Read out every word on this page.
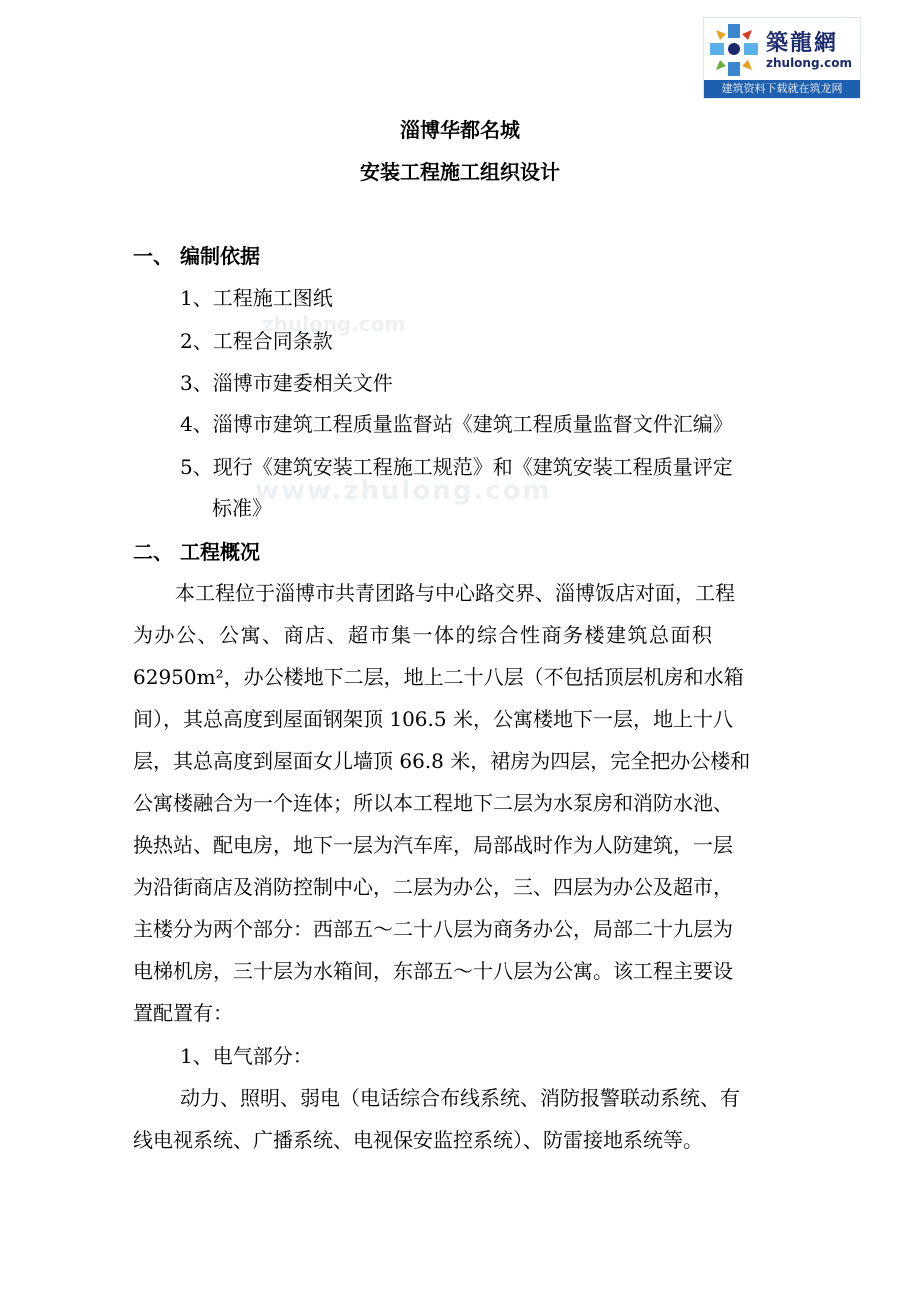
築龍網
zhulong.com
建筑资料下载就在筑龙网
zhulong.com
www.zhulong.com
淄博华都名城
安装工程施工组织设计
一、 编制依据
1、工程施工图纸
2、工程合同条款
3、淄博市建委相关文件
4、淄博市建筑工程质量监督站《建筑工程质量监督文件汇编》
5、现行《建筑安装工程施工规范》和《建筑安装工程质量评定
标准》
二、 工程概况
本工程位于淄博市共青团路与中心路交界、淄博饭店对面，工程
为办公、公寓、商店、超市集一体的综合性商务楼建筑总面积
62950m²，办公楼地下二层，地上二十八层（不包括顶层机房和水箱
间），其总高度到屋面钢架顶 106.5 米，公寓楼地下一层，地上十八
层，其总高度到屋面女儿墙顶 66.8 米，裙房为四层，完全把办公楼和
公寓楼融合为一个连体；所以本工程地下二层为水泵房和消防水池、
换热站、配电房，地下一层为汽车库，局部战时作为人防建筑，一层
为沿街商店及消防控制中心，二层为办公，三、四层为办公及超市，
主楼分为两个部分：西部五～二十八层为商务办公，局部二十九层为
电梯机房，三十层为水箱间，东部五～十八层为公寓。该工程主要设
置配置有：
1、电气部分：
动力、照明、弱电（电话综合布线系统、消防报警联动系统、有
线电视系统、广播系统、电视保安监控系统）、防雷接地系统等。
